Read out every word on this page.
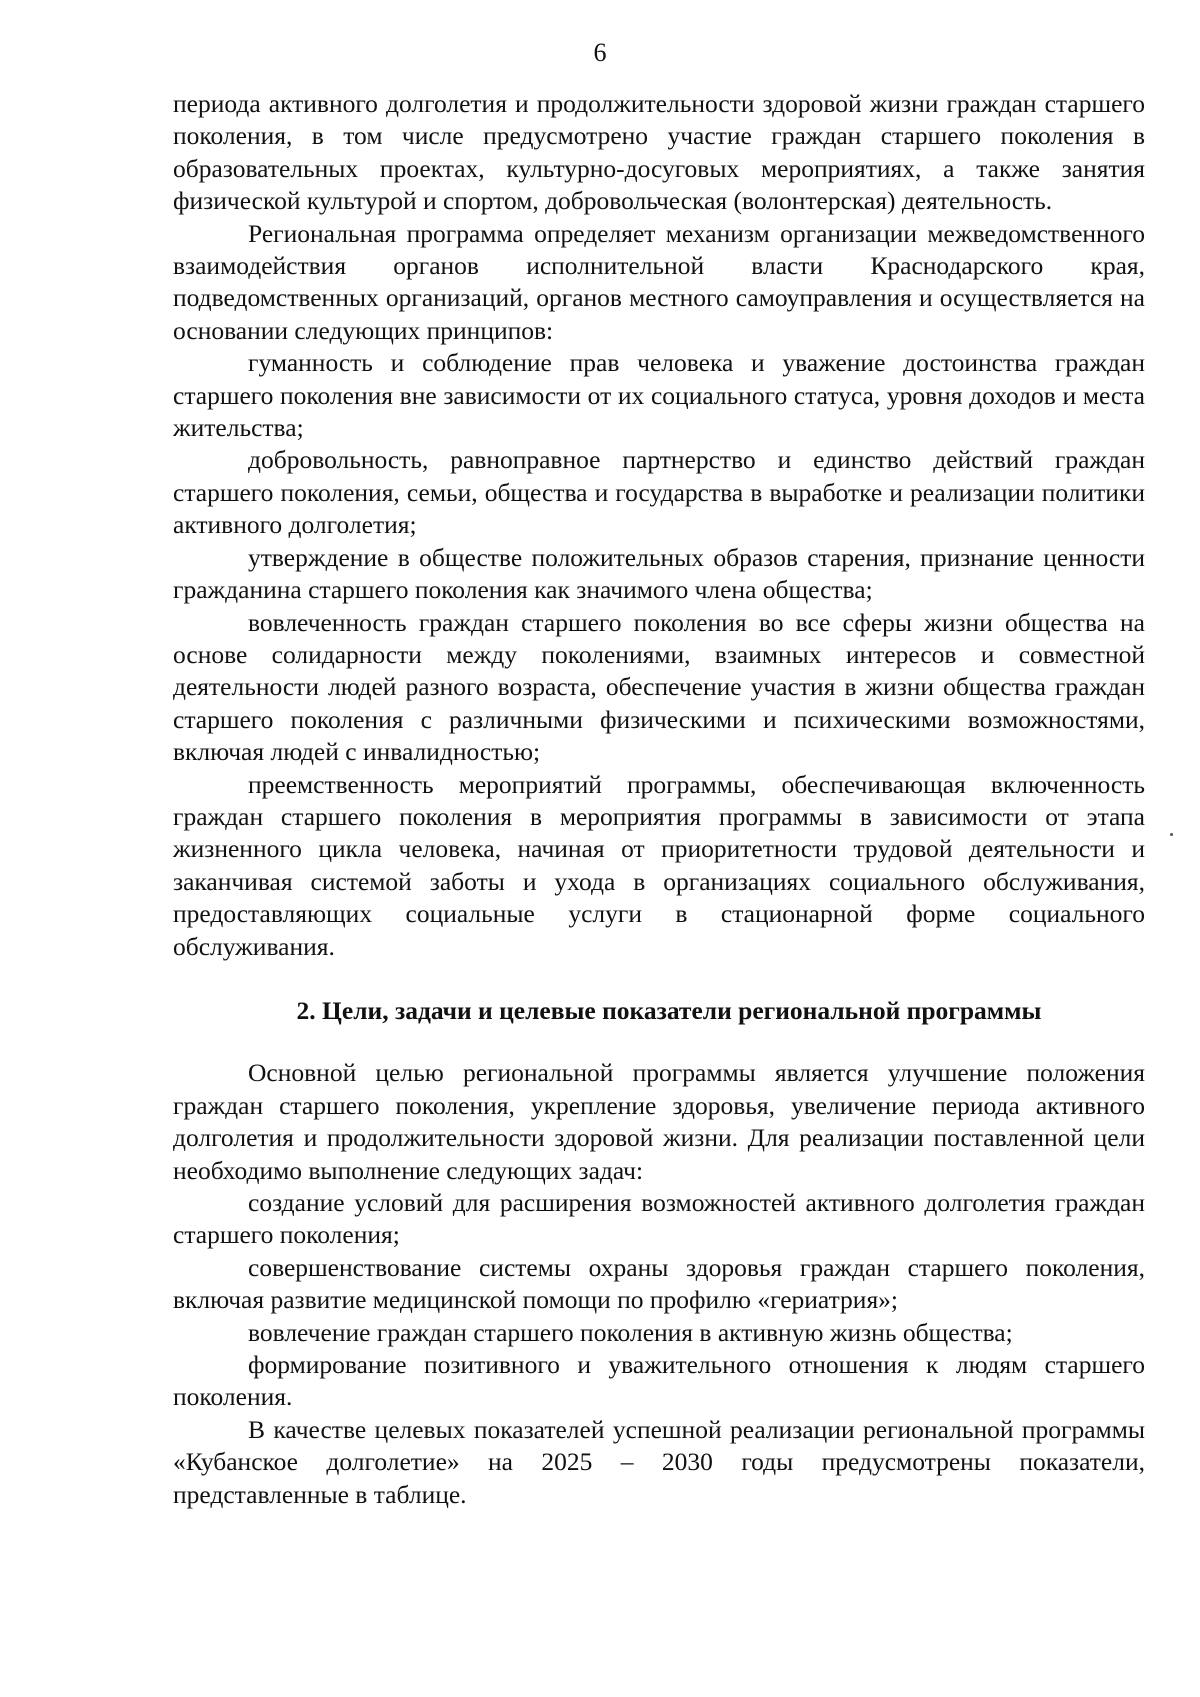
6

периода активного долголетия и продолжительности здоровой жизни граждан старшего поколения, в том числе предусмотрено участие граждан старшего поколения в образовательных проектах, культурно-досуговых мероприятиях, а также занятия физической культурой и спортом, добровольческая (волонтерская) деятельность.

Региональная программа определяет механизм организации межведомственного взаимодействия органов исполнительной власти Краснодарского края, подведомственных организаций, органов местного самоуправления и осуществляется на основании следующих принципов:

гуманность и соблюдение прав человека и уважение достоинства граждан старшего поколения вне зависимости от их социального статуса, уровня доходов и места жительства;

добровольность, равноправное партнерство и единство действий граждан старшего поколения, семьи, общества и государства в выработке и реализации политики активного долголетия;

утверждение в обществе положительных образов старения, признание ценности гражданина старшего поколения как значимого члена общества;

вовлеченность граждан старшего поколения во все сферы жизни общества на основе солидарности между поколениями, взаимных интересов и совместной деятельности людей разного возраста, обеспечение участия в жизни общества граждан старшего поколения с различными физическими и психическими возможностями, включая людей с инвалидностью;

преемственность мероприятий программы, обеспечивающая включенность граждан старшего поколения в мероприятия программы в зависимости от этапа жизненного цикла человека, начиная от приоритетности трудовой деятельности и заканчивая системой заботы и ухода в организациях социального обслуживания, предоставляющих социальные услуги в стационарной форме социального обслуживания.

2. Цели, задачи и целевые показатели региональной программы

Основной целью региональной программы является улучшение положения граждан старшего поколения, укрепление здоровья, увеличение периода активного долголетия и продолжительности здоровой жизни. Для реализации поставленной цели необходимо выполнение следующих задач:

создание условий для расширения возможностей активного долголетия граждан старшего поколения;

совершенствование системы охраны здоровья граждан старшего поколения, включая развитие медицинской помощи по профилю «гериатрия»;

вовлечение граждан старшего поколения в активную жизнь общества;

формирование позитивного и уважительного отношения к людям старшего поколения.

В качестве целевых показателей успешной реализации региональной программы «Кубанское долголетие» на 2025 – 2030 годы предусмотрены показатели, представленные в таблице.
